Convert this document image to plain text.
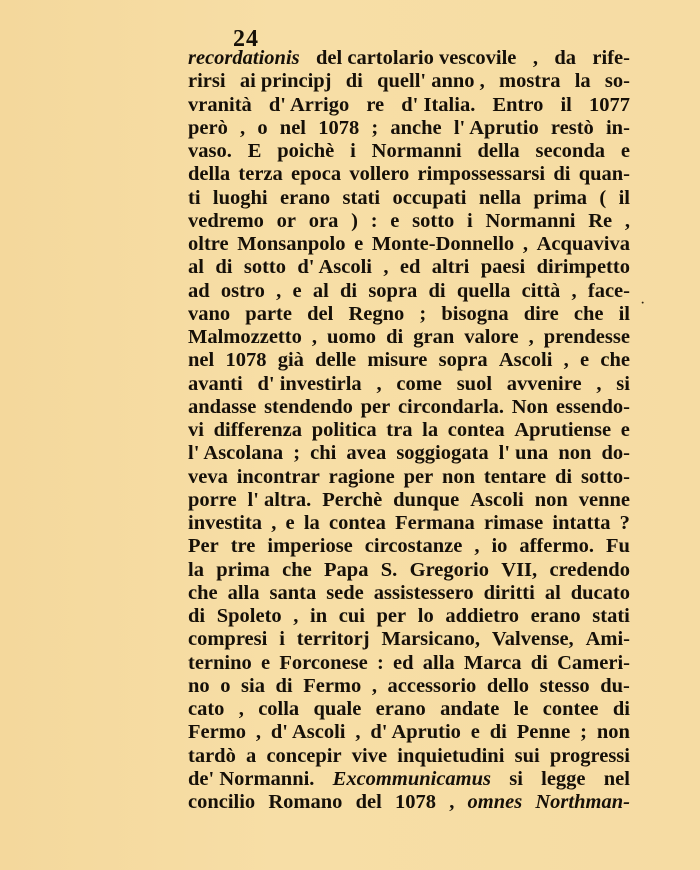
24
recordationis del cartolario vescovile , da rife-
rirsi ai principj di quell' anno , mostra la so-
vranità d' Arrigo re d' Italia. Entro il 1077
però , o nel 1078 ; anche l' Aprutio restò in-
vaso. E poichè i Normanni della seconda e
della terza epoca vollero rimpossessarsi di quan-
ti luoghi erano stati occupati nella prima ( il
vedremo or ora ) : e sotto i Normanni Re ,
oltre Monsanpolo e Monte-Donnello , Acquaviva
al di sotto d' Ascoli , ed altri paesi dirimpetto
ad ostro , e al di sopra di quella città , face-
vano parte del Regno ; bisogna dire che il
Malmozzetto , uomo di gran valore , prendesse
nel 1078 già delle misure sopra Ascoli , e che
avanti d' investirla , come suol avvenire , si
andasse stendendo per circondarla. Non essendo-
vi differenza politica tra la contea Aprutiense e
l' Ascolana ; chi avea soggiogata l' una non do-
veva incontrar ragione per non tentare di sotto-
porre l' altra. Perchè dunque Ascoli non venne
investita , e la contea Fermana rimase intatta ?
Per tre imperiose circostanze , io affermo. Fu
la prima che Papa S. Gregorio VII, credendo
che alla santa sede assistessero diritti al ducato
di Spoleto , in cui per lo addietro erano stati
compresi i territorj Marsicano, Valvense, Ami-
ternino e Forconese : ed alla Marca di Cameri-
no o sia di Fermo , accessorio dello stesso du-
cato , colla quale erano andate le contee di
Fermo , d' Ascoli , d' Aprutio e di Penne ; non
tardò a concepir vive inquietudini sui progressi
de' Normanni. Excommunicamus si legge nel
concilio Romano del 1078 , omnes Northman-
·
